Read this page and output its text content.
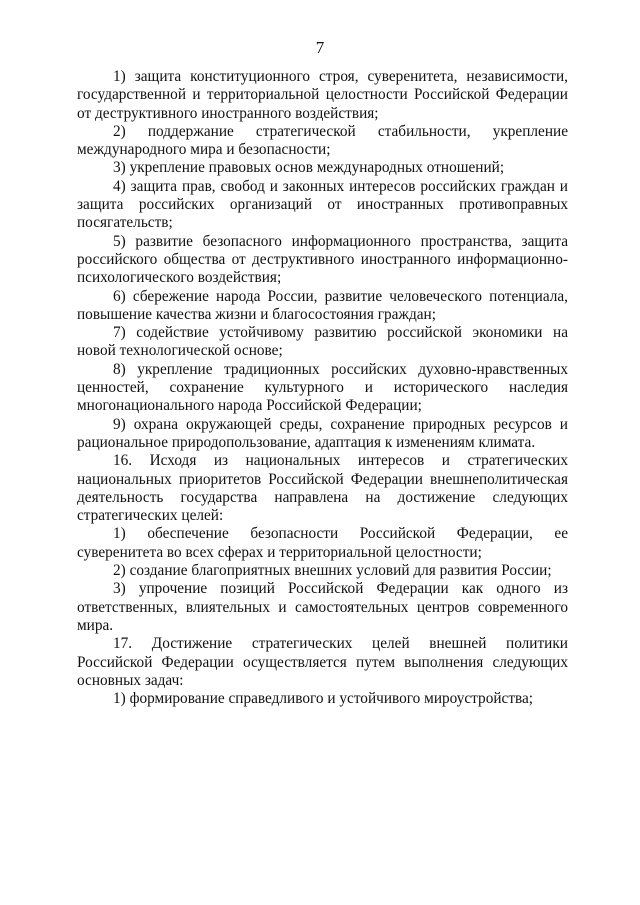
7

1) защита конституционного строя, суверенитета, независимости, государственной и территориальной целостности Российской Федерации от деструктивного иностранного воздействия;

2) поддержание стратегической стабильности, укрепление международного мира и безопасности;

3) укрепление правовых основ международных отношений;

4) защита прав, свобод и законных интересов российских граждан и защита российских организаций от иностранных противоправных посягательств;

5) развитие безопасного информационного пространства, защита российского общества от деструктивного иностранного информационно-психологического воздействия;

6) сбережение народа России, развитие человеческого потенциала, повышение качества жизни и благосостояния граждан;

7) содействие устойчивому развитию российской экономики на новой технологической основе;

8) укрепление традиционных российских духовно-нравственных ценностей, сохранение культурного и исторического наследия многонационального народа Российской Федерации;

9) охрана окружающей среды, сохранение природных ресурсов и рациональное природопользование, адаптация к изменениям климата.

16. Исходя из национальных интересов и стратегических национальных приоритетов Российской Федерации внешнеполитическая деятельность государства направлена на достижение следующих стратегических целей:

1) обеспечение безопасности Российской Федерации, ее суверенитета во всех сферах и территориальной целостности;

2) создание благоприятных внешних условий для развития России;

3) упрочение позиций Российской Федерации как одного из ответственных, влиятельных и самостоятельных центров современного мира.

17. Достижение стратегических целей внешней политики Российской Федерации осуществляется путем выполнения следующих основных задач:

1) формирование справедливого и устойчивого мироустройства;
